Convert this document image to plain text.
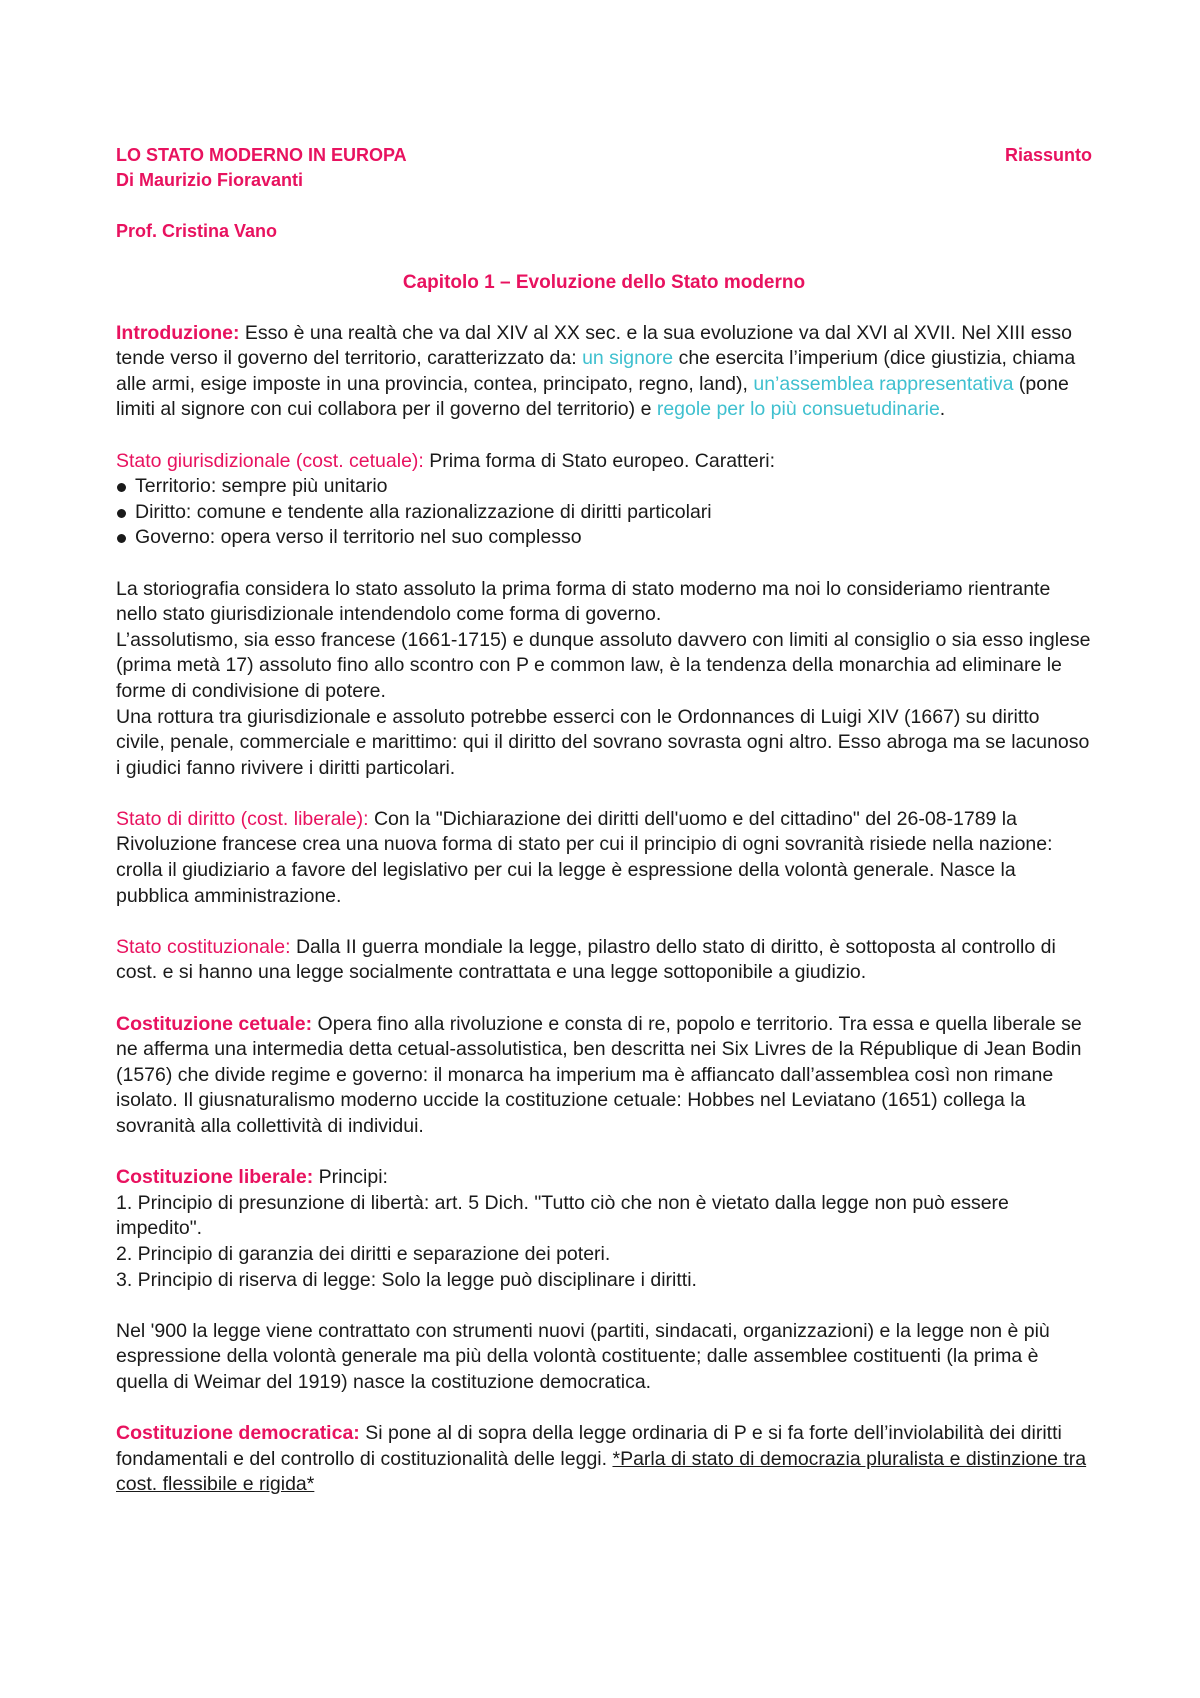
LO STATO MODERNO IN EUROPA	Riassunto
Di Maurizio Fioravanti
Prof. Cristina Vano
Capitolo 1 – Evoluzione dello Stato moderno

Introduzione: Esso è una realtà che va dal XIV al XX sec. e la sua evoluzione va dal XVI al XVII. Nel XIII esso tende verso il governo del territorio, caratterizzato da: un signore che esercita l’imperium (dice giustizia, chiama alle armi, esige imposte in una provincia, contea, principato, regno, land), un’assemblea rappresentativa (pone limiti al signore con cui collabora per il governo del territorio) e regole per lo più consuetudinarie.

Stato giurisdizionale (cost. cetuale): Prima forma di Stato europeo. Caratteri:

Territorio: sempre più unitario
Diritto: comune e tendente alla razionalizzazione di diritti particolari
Governo: opera verso il territorio nel suo complesso

La storiografia considera lo stato assoluto la prima forma di stato moderno ma noi lo consideriamo rientrante nello stato giurisdizionale intendendolo come forma di governo.

L’assolutismo, sia esso francese (1661-1715) e dunque assoluto davvero con limiti al consiglio o sia esso inglese (prima metà 17) assoluto fino allo scontro con P e common law, è la tendenza della monarchia ad eliminare le forme di condivisione di potere.

Una rottura tra giurisdizionale e assoluto potrebbe esserci con le Ordonnances di Luigi XIV (1667) su diritto civile, penale, commerciale e marittimo: qui il diritto del sovrano sovrasta ogni altro. Esso abroga ma se lacunoso i giudici fanno rivivere i diritti particolari.

Stato di diritto (cost. liberale): Con la "Dichiarazione dei diritti dell'uomo e del cittadino" del 26-08-1789 la Rivoluzione francese crea una nuova forma di stato per cui il principio di ogni sovranità risiede nella nazione: crolla il giudiziario a favore del legislativo per cui la legge è espressione della volontà generale. Nasce la pubblica amministrazione.

Stato costituzionale: Dalla II guerra mondiale la legge, pilastro dello stato di diritto, è sottoposta al controllo di cost. e si hanno una legge socialmente contrattata e una legge sottoponibile a giudizio.

Costituzione cetuale: Opera fino alla rivoluzione e consta di re, popolo e territorio. Tra essa e quella liberale se ne afferma una intermedia detta cetual-assolutistica, ben descritta nei Six Livres de la République di Jean Bodin (1576) che divide regime e governo: il monarca ha imperium ma è affiancato dall’assemblea così non rimane isolato. Il giusnaturalismo moderno uccide la costituzione cetuale: Hobbes nel Leviatano (1651) collega la sovranità alla collettività di individui.

Costituzione liberale: Principi:

1. Principio di presunzione di libertà: art. 5 Dich. "Tutto ciò che non è vietato dalla legge non può essere impedito".
2. Principio di garanzia dei diritti e separazione dei poteri.
3. Principio di riserva di legge: Solo la legge può disciplinare i diritti.

Nel '900 la legge viene contrattato con strumenti nuovi (partiti, sindacati, organizzazioni) e la legge non è più espressione della volontà generale ma più della volontà costituente; dalle assemblee costituenti (la prima è quella di Weimar del 1919) nasce la costituzione democratica.

Costituzione democratica: Si pone al di sopra della legge ordinaria di P e si fa forte dell’inviolabilità dei diritti fondamentali e del controllo di costituzionalità delle leggi. *Parla di stato di democrazia pluralista e distinzione tra cost. flessibile e rigida*
